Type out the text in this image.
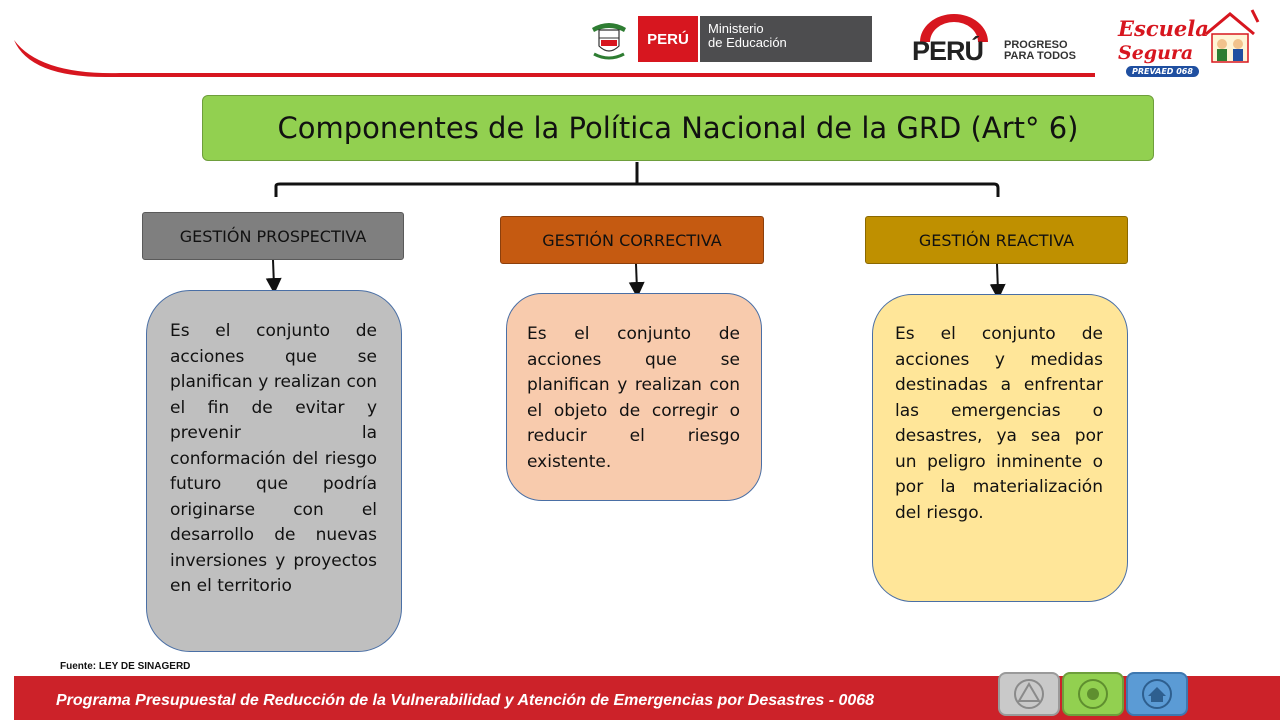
PERÚ
Ministerio
de Educación	PERÚ PROGRESO
PARA TODOS
Escuela
Segura
PREVAED 068
Componentes de la Política Nacional de la GRD (Art° 6)
GESTIÓN PROSPECTIVA	GESTIÓN CORRECTIVA	GESTIÓN REACTIVA
Es el conjunto de acciones que se planifican y realizan con el fin de evitar y prevenir la conformación del riesgo futuro que podría originarse con el desarrollo de nuevas inversiones y proyectos en el territorio
Es el conjunto de acciones que se planifican y realizan con el objeto de corregir o reducir el riesgo existente.
Es el conjunto de acciones y medidas destinadas a enfrentar las emergencias o desastres, ya sea por un peligro inminente o por la materialización del riesgo.
Fuente: LEY DE SINAGERD
Programa Presupuestal de Reducción de la Vulnerabilidad y Atención de Emergencias por Desastres - 0068
